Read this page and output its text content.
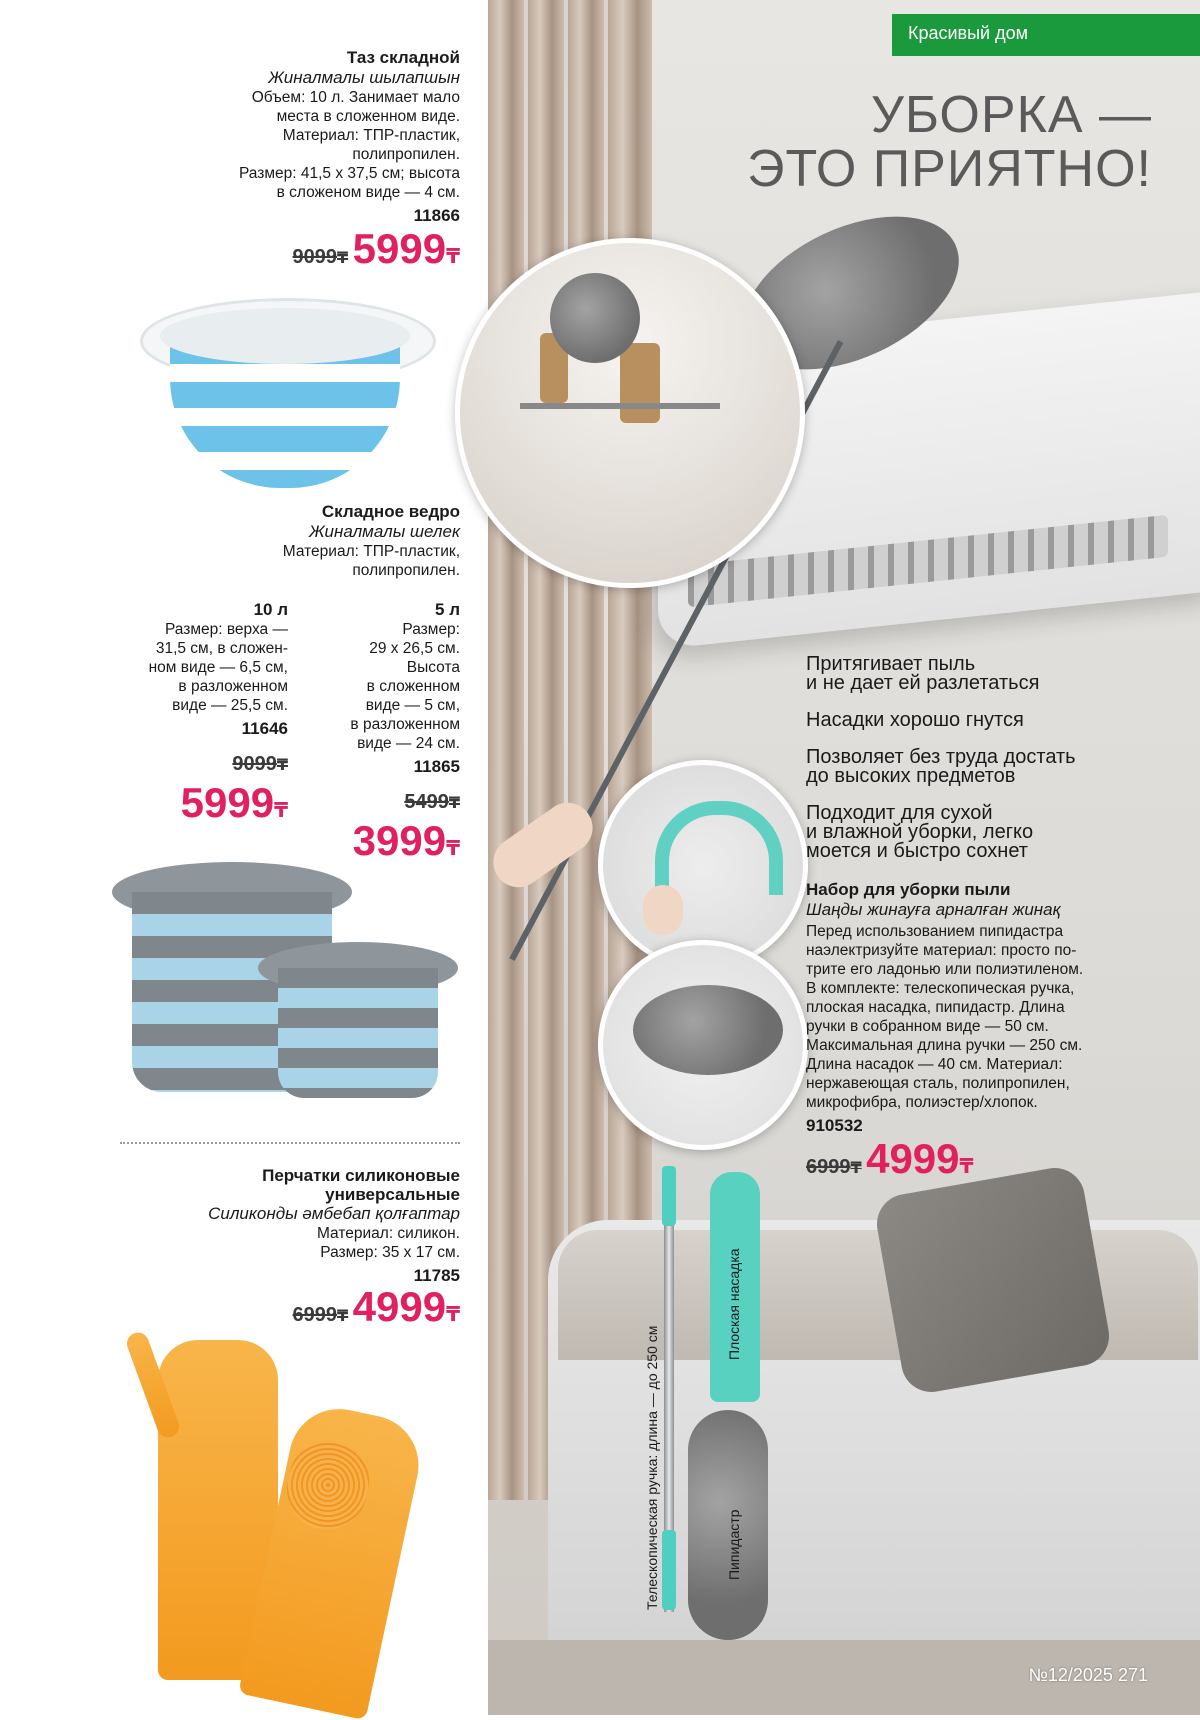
Телескопическая ручка: длина — до 250 см
Плоская насадка
Пипидастр
Красивый дом
УБОРКА —
ЭТО ПРИЯТНО!
Притягивает пыль
и не дает ей разлетаться
Насадки хорошо гнутся
Позволяет без труда достать
до высоких предметов
Подходит для сухой
и влажной уборки, легко
моется и быстро сохнет
Набор для уборки пыли
Шаңды жинауға арналған жинақ
Перед использованием пипидастра
наэлектризуйте материал: просто по-
трите его ладонью или полиэтиленом.
В комплекте: телескопическая ручка,
плоская насадка, пипидастр. Длина
ручки в собранном виде — 50 см.
Максимальная длина ручки — 250 см.
Длина насадок — 40 см. Материал:
нержавеющая сталь, полипропилен,
микрофибра, полиэстер/хлопок.
910532
6999₸ 4999₸
Таз складной
Жиналмалы шылапшын
Объем: 10 л. Занимает мало
места в сложенном виде.
Материал: ТПР-пластик,
полипропилен.
Размер: 41,5 х 37,5 см; высота
в сложеном виде — 4 см.
11866
9099₸ 5999₸
Складное ведро
Жиналмалы шелек
Материал: ТПР-пластик,
полипропилен.
10 л
Размер: верха —
31,5 см, в сложен-
ном виде — 6,5 см,
в разложенном
виде — 25,5 см.
11646
9099₸
5999₸
5 л
Размер:
29 х 26,5 см.
Высота
в сложенном
виде — 5 см,
в разложенном
виде — 24 см.
11865
5499₸
3999₸
Перчатки силиконовые
универсальные
Силиконды әмбебап қолғаптар
Материал: силикон.
Размер: 35 х 17 см.
11785
6999₸ 4999₸
№12/2025 271
